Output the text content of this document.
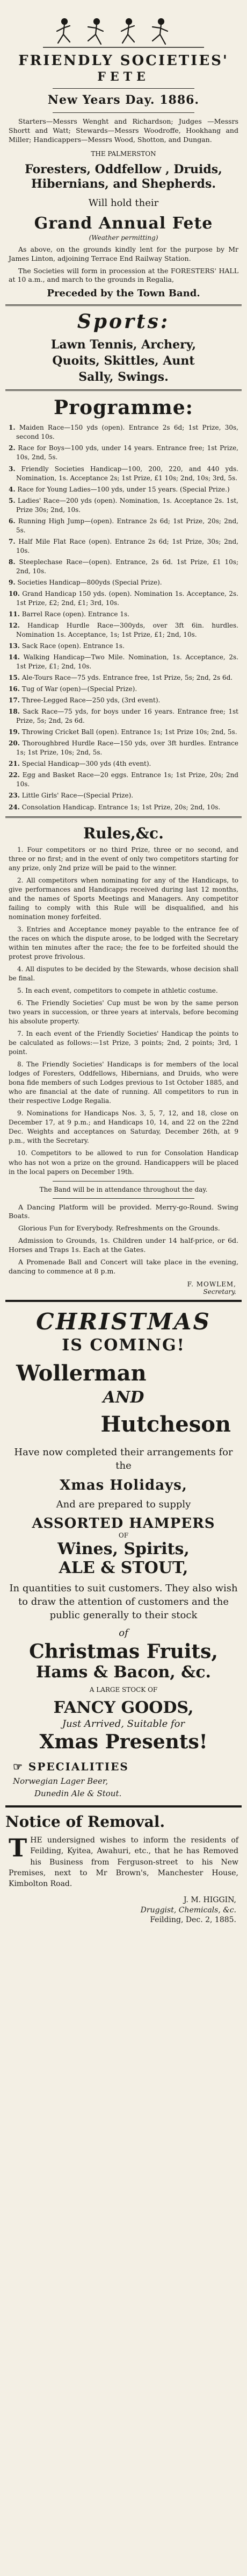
FRIENDLY SOCIETIES'
FETE
New Years Day. 1886.
Starters—Messrs Wenght and Richardson; Judges —Messrs Shortt and Watt; Stewards—Messrs Woodroffe, Hookhang and Miller; Handicappers—Messrs Wood, Shotton, and Dungan.
THE PALMERSTON
Foresters, Oddfellow , Druids,
Hibernians, and Shepherds.
Will hold their
Grand Annual Fete
(Weather permitting)
As above, on the grounds kindly lent for the purpose by Mr James Linton, adjoining Terrace End Railway Station.
The Societies will form in procession at the FORESTERS' HALL at 10 a.m., and march to the grounds in Regalia,
Preceded by the Town Band.
Sports:
Lawn Tennis, Archery,
Quoits, Skittles, Aunt
Sally, Swings.
Programme:
1. Maiden Race—150 yds (open). Entrance 2s 6d; 1st Prize, 30s, second 10s.
2. Race for Boys—100 yds, under 14 years. Entrance free; 1st Prize, 10s, 2nd, 5s.
3. Friendly Societies Handicap—100, 200, 220, and 440 yds. Nomination, 1s. Acceptance 2s; 1st Prize, £1 10s; 2nd, 10s; 3rd, 5s.
4. Race for Young Ladies—100 yds, under 15 years. (Special Prize.)
5. Ladies' Race—200 yds (open). Nomination, 1s. Acceptance 2s. 1st, Prize 30s; 2nd, 10s.
6. Running High Jump—(open). Entrance 2s 6d; 1st Prize, 20s; 2nd, 5s.
7. Half Mile Flat Race (open). Entrance 2s 6d; 1st Prize, 30s; 2nd, 10s.
8. Steeplechase Race—(open). Entrance, 2s 6d. 1st Prize, £1 10s; 2nd, 10s.
9. Societies Handicap—800yds (Special Prize).
10. Grand Handicap 150 yds. (open). Nomination 1s. Acceptance, 2s. 1st Prize, £2; 2nd, £1; 3rd, 10s.
11. Barrel Race (open). Entrance 1s.
12. Handicap Hurdle Race—300yds, over 3ft 6in. hurdles. Nomination 1s. Acceptance, 1s; 1st Prize, £1; 2nd, 10s.
13. Sack Race (open). Entrance 1s.
14. Walking Handicap—Two Mile. Nomination, 1s. Acceptance, 2s. 1st Prize, £1; 2nd, 10s.
15. Ale-Tours Race—75 yds. Entrance free, 1st Prize, 5s; 2nd, 2s 6d.
16. Tug of War (open)—(Special Prize).
17. Three-Legged Race—250 yds, (3rd event).
18. Sack Race—75 yds, for boys under 16 years. Entrance free; 1st Prize, 5s; 2nd, 2s 6d.
19. Throwing Cricket Ball (open). Entrance 1s; 1st Prize 10s; 2nd, 5s.
20. Thoroughbred Hurdle Race—150 yds, over 3ft hurdles. Entrance 1s; 1st Prize, 10s; 2nd, 5s.
21. Special Handicap—300 yds (4th event).
22. Egg and Basket Race—20 eggs. Entrance 1s; 1st Prize, 20s; 2nd 10s.
23. Little Girls' Race—(Special Prize).
24. Consolation Handicap. Entrance 1s; 1st Prize, 20s; 2nd, 10s.
Rules,&c.
1. Four competitors or no third Prize, three or no second, and three or no first; and in the event of only two competitors starting for any prize, only 2nd prize will be paid to the winner.
2. All competitors when nominating for any of the Handicaps, to give performances and Handicapps received during last 12 months, and the names of Sports Meetings and Managers. Any competitor failing to comply with this Rule will be disqualified, and his nomination money forfeited.
3. Entries and Acceptance money payable to the entrance fee of the races on which the dispute arose, to be lodged with the Secretary within ten minutes after the race; the fee to be forfeited should the protest prove frivolous.
4. All disputes to be decided by the Stewards, whose decision shall be final.
5. In each event, competitors to compete in athletic costume.
6. The Friendly Societies' Cup must be won by the same person two years in succession, or three years at intervals, before becoming his absolute property.
7. In each event of the Friendly Societies' Handicap the points to be calculated as follows:—1st Prize, 3 points; 2nd, 2 points; 3rd, 1 point.
8. The Friendly Societies' Handicaps is for members of the local lodges of Foresters, Oddfellows, Hibernians, and Druids, who were bona fide members of such Lodges previous to 1st October 1885, and who are financial at the date of running. All competitors to run in their respective Lodge Regalia.
9. Nominations for Handicaps Nos. 3, 5, 7, 12, and 18, close on December 17, at 9 p.m.; and Handicaps 10, 14, and 22 on the 22nd Dec. Weights and acceptances on Saturday, December 26th, at 9 p.m., with the Secretary.
10. Competitors to be allowed to run for Consolation Handicap who has not won a prize on the ground. Handicappers will be placed in the local papers on December 19th.
The Band will be in attendance throughout the day.
A Dancing Platform will be provided. Merry-go-Round. Swing Boats.
Glorious Fun for Everybody. Refreshments on the Grounds.
Admission to Grounds, 1s. Children under 14 half-price, or 6d. Horses and Traps 1s. Each at the Gates.
A Promenade Ball and Concert will take place in the evening, dancing to commence at 8 p.m.
F. MOWLEM,
Secretary.
CHRISTMAS
IS COMING!
Wollerman
AND
Hutcheson
Have now completed their arrangements for the
Xmas Holidays,
And are prepared to supply
ASSORTED HAMPERS
OF
Wines, Spirits,
ALE & STOUT,
In quantities to suit customers. They also wish to draw the attention of customers and the public generally to their stock
of
Christmas Fruits,
Hams & Bacon, &c.
A LARGE STOCK OF
FANCY GOODS,
Just Arrived, Suitable for
Xmas Presents!
☞ SPECIALITIES
Norwegian Lager Beer,
Dunedin Ale & Stout.
Notice of Removal.
THE undersigned wishes to inform the residents of Feilding, Kyitea, Awahuri, etc., that he has Removed his Business from Ferguson-street to his New Premises, next to Mr Brown's, Manchester House, Kimbolton Road.
J. M. HIGGIN,
Druggist, Chemicals, &c.
Feilding, Dec. 2, 1885.
